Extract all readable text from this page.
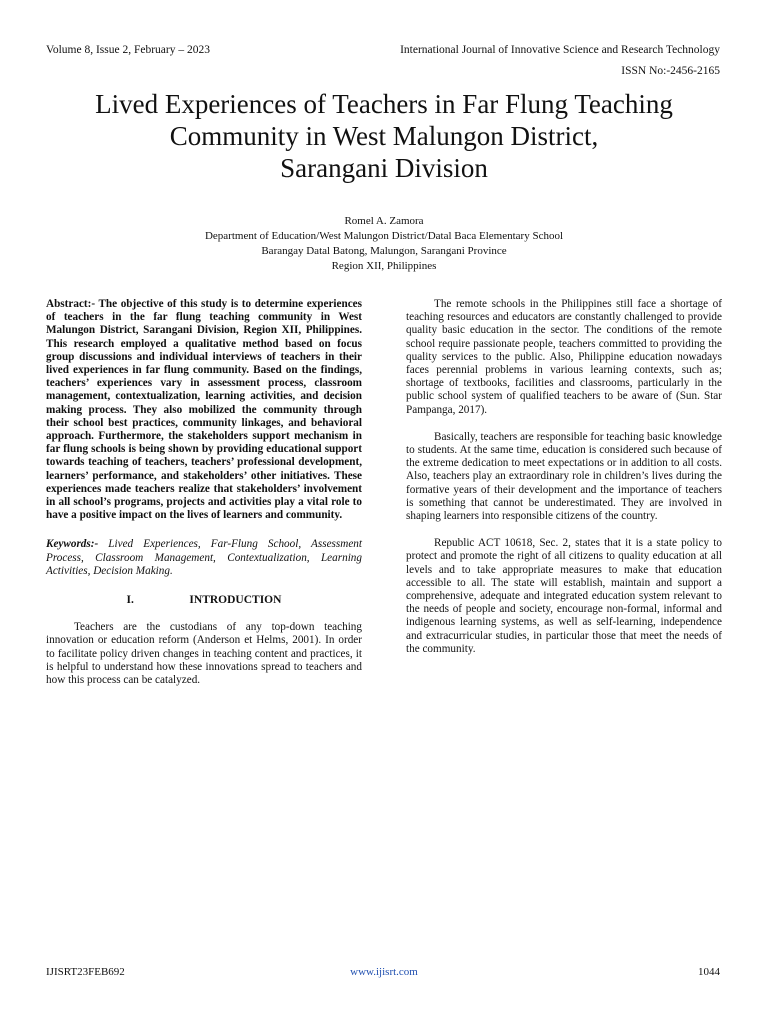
Volume 8, Issue 2, February – 2023	International Journal of Innovative Science and Research Technology
ISSN No:-2456-2165
Lived Experiences of Teachers in Far Flung Teaching
Community in West Malungon District,
Sarangani Division
Romel A. Zamora
Department of Education/West Malungon District/Datal Baca Elementary School
Barangay Datal Batong, Malungon, Sarangani Province
Region XII, Philippines

Abstract:- The objective of this study is to determine experiences of teachers in the far flung teaching community in West Malungon District, Sarangani Division, Region XII, Philippines. This research employed a qualitative method based on focus group discussions and individual interviews of teachers in their lived experiences in far flung community. Based on the findings, teachers’ experiences vary in assessment process, classroom management, contextualization, learning activities, and decision making process. They also mobilized the community through their school best practices, community linkages, and behavioral approach. Furthermore, the stakeholders support mechanism in far flung schools is being shown by providing educational support towards teaching of teachers, teachers’ professional development, learners’ performance, and stakeholders’ other initiatives. These experiences made teachers realize that stakeholders’ involvement in all school’s programs, projects and activities play a vital role to have a positive impact on the lives of learners and community.

Keywords:- Lived Experiences, Far-Flung School, Assessment Process, Classroom Management, Contextualization, Learning Activities, Decision Making.

I.	INTRODUCTION

Teachers are the custodians of any top-down teaching innovation or education reform (Anderson et Helms, 2001). In order to facilitate policy driven changes in teaching content and practices, it is helpful to understand how these innovations spread to teachers and how this process can be catalyzed.

The remote schools in the Philippines still face a shortage of teaching resources and educators are constantly challenged to provide quality basic education in the sector. The conditions of the remote school require passionate people, teachers committed to providing the quality services to the public. Also, Philippine education nowadays faces perennial problems in various learning contexts, such as; shortage of textbooks, facilities and classrooms, particularly in the public school system of qualified teachers to be aware of (Sun. Star Pampanga, 2017).

Basically, teachers are responsible for teaching basic knowledge to students. At the same time, education is considered such because of the extreme dedication to meet expectations or in addition to all costs. Also, teachers play an extraordinary role in children’s lives during the formative years of their development and the importance of teachers is something that cannot be underestimated. They are involved in shaping learners into responsible citizens of the country.

Republic ACT 10618, Sec. 2, states that it is a state policy to protect and promote the right of all citizens to quality education at all levels and to take appropriate measures to make that education accessible to all. The state will establish, maintain and support a comprehensive, adequate and integrated education system relevant to the needs of people and society, encourage non-formal, informal and indigenous learning systems, as well as self-learning, independence and extracurricular studies, in particular those that meet the needs of the community.

IJISRT23FEB692	www.ijisrt.com	1044
